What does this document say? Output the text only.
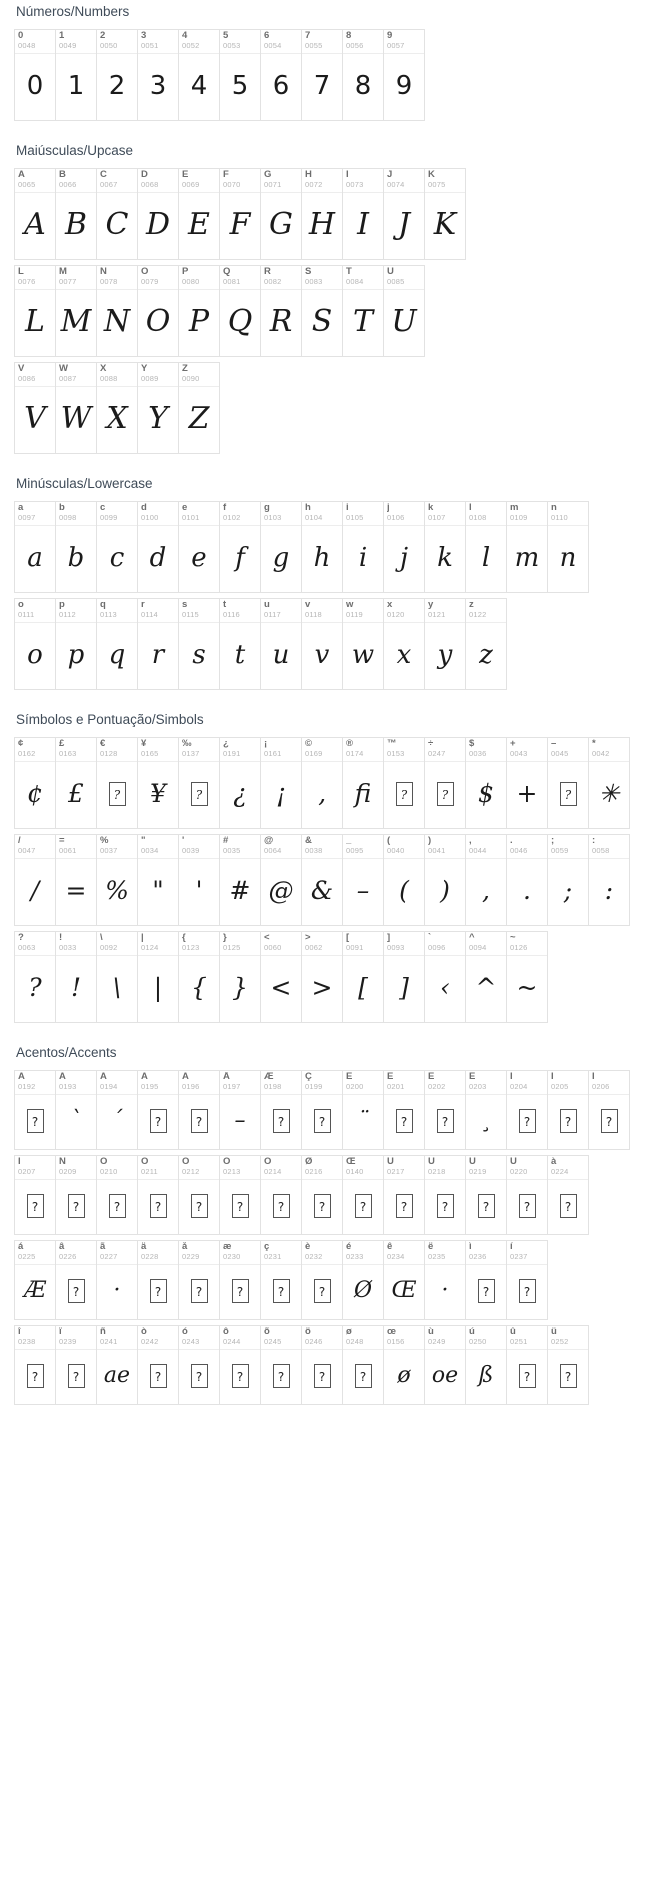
Números/Numbers
0
0048
0
1
0049
1
2
0050
2
3
0051
3
4
0052
4
5
0053
5
6
0054
6
7
0055
7
8
0056
8
9
0057
9
Maiúsculas/Upcase
A
0065
A
B
0066
B
C
0067
C
D
0068
D
E
0069
E
F
0070
F
G
0071
G
H
0072
H
I
0073
I
J
0074
J
K
0075
K
L
0076
L
M
0077
M
N
0078
N
O
0079
O
P
0080
P
Q
0081
Q
R
0082
R
S
0083
S
T
0084
T
U
0085
U
V
0086
V
W
0087
W
X
0088
X
Y
0089
Y
Z
0090
Z
Minúsculas/Lowercase
a
0097
a
b
0098
b
c
0099
c
d
0100
d
e
0101
e
f
0102
f
g
0103
g
h
0104
h
i
0105
i
j
0106
j
k
0107
k
l
0108
l
m
0109
m
n
0110
n
o
0111
o
p
0112
p
q
0113
q
r
0114
r
s
0115
s
t
0116
t
u
0117
u
v
0118
v
w
0119
w
x
0120
x
y
0121
y
z
0122
z
Símbolos e Pontuação/Simbols
¢
0162
¢
£
0163
£
€
0128
?
¥
0165
¥
‰
0137
?
¿
0191
¿
¡
0161
¡
©
0169
‚
®
0174
fi
™
0153
?
÷
0247
?
$
0036
$
+
0043
+
–
0045
?
*
0042
✳
/
0047
/
=
0061
=
%
0037
%
"
0034
"
'
0039
'
#
0035
#
@
0064
@
&
0038
&
_
0095
–
(
0040
(
)
0041
)
,
0044
,
.
0046
.
;
0059
;
:
0058
:
?
0063
?
!
0033
!
\
0092
\
|
0124
|
{
0123
{
}
0125
}
<
0060
<
>
0062
>
[
0091
[
]
0093
]
`
0096
‹
^
0094
^
~
0126
~
Acentos/Accents
À
0192
?
Á
0193
`
Â
0194
´
Ã
0195
?
Ä
0196
?
Å
0197
–
Æ
0198
?
Ç
0199
?
È
0200
¨
É
0201
?
Ê
0202
?
Ë
0203
¸
Ì
0204
?
Í
0205
?
Î
0206
?
Ï
0207
?
Ñ
0209
?
Ò
0210
?
Ó
0211
?
Ô
0212
?
Õ
0213
?
Ö
0214
?
Ø
0216
?
Œ
0140
?
Ù
0217
?
Ú
0218
?
Û
0219
?
Ü
0220
?
à
0224
?
á
0225
Æ
â
0226
?
ã
0227
·
ä
0228
?
å
0229
?
æ
0230
?
ç
0231
?
è
0232
?
é
0233
Ø
ê
0234
Œ
ë
0235
·
ì
0236
?
í
0237
?
î
0238
?
ï
0239
?
ñ
0241
ae
ò
0242
?
ó
0243
?
ô
0244
?
õ
0245
?
ö
0246
?
ø
0248
?
œ
0156
ø
ù
0249
oe
ú
0250
ß
û
0251
?
ü
0252
?
